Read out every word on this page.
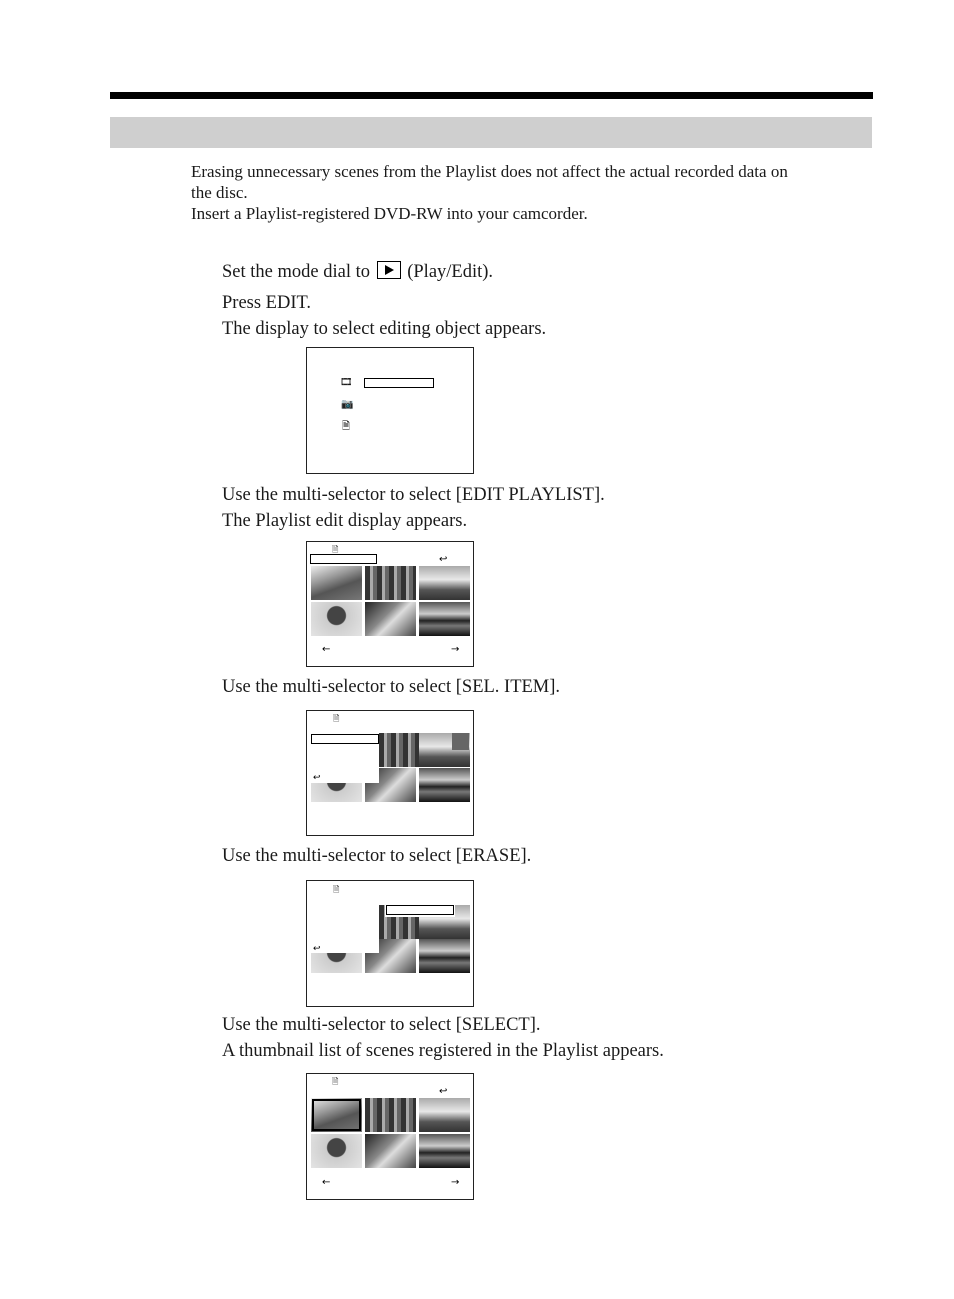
Erasing unnecessary scenes from the Playlist does not affect the actual recorded data on
the disc.
Insert a Playlist-registered DVD-RW into your camcorder.
Set the mode dial to (Play/Edit).
Press EDIT.
The display to select editing object appears.
🎞
📷
🗎
Use the multi-selector to select [EDIT PLAYLIST].
The Playlist edit display appears.
🗎
↩
←	→
Use the multi-selector to select [SEL. ITEM].
🗎
↩
Use the multi-selector to select [ERASE].
🗎
↩
Use the multi-selector to select [SELECT].
A thumbnail list of scenes registered in the Playlist appears.
🗎
↩
←	→
